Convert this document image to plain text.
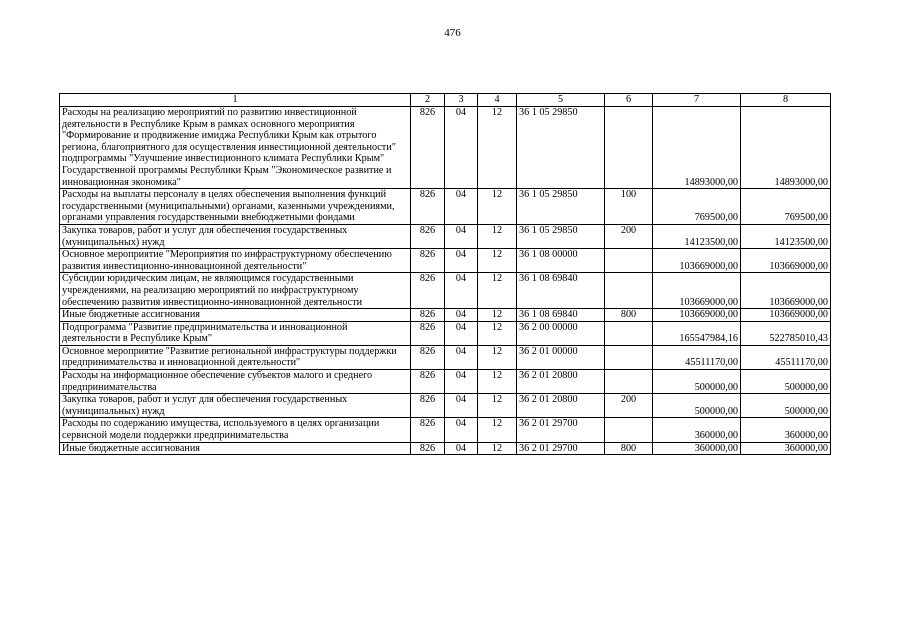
476
1	2	3	4	5	6	7	8
Расходы на реализацию мероприятий по развитию инвестиционной деятельности в Республике Крым в рамках основного мероприятия "Формирование и продвижение имиджа Республики Крым как отрытого региона, благоприятного для осуществления инвестиционной деятельности" подпрограммы "Улучшение инвестиционного климата Республики Крым" Государственной программы Республики Крым "Экономическое развитие и инновационная экономика"	826	04	12	36 1 05 29850		14893000,00	14893000,00
Расходы на выплаты персоналу в целях обеспечения выполнения функций государственными (муниципальными) органами, казенными учреждениями, органами управления государственными внебюджетными фондами	826	04	12	36 1 05 29850	100	769500,00	769500,00
Закупка товаров, работ и услуг для обеспечения государственных (муниципальных) нужд	826	04	12	36 1 05 29850	200	14123500,00	14123500,00
Основное мероприятие "Мероприятия по инфраструктурному обеспечению развития инвестиционно-инновационной деятельности"	826	04	12	36 1 08 00000		103669000,00	103669000,00
Субсидии юридическим лицам, не являющимся государственными учреждениями, на реализацию мероприятий по инфраструктурному обеспечению развития инвестиционно-инновационной деятельности	826	04	12	36 1 08 69840		103669000,00	103669000,00
Иные бюджетные ассигнования	826	04	12	36 1 08 69840	800	103669000,00	103669000,00
Подпрограмма "Развитие предпринимательства и инновационной деятельности в Республике Крым"	826	04	12	36 2 00 00000		165547984,16	522785010,43
Основное мероприятие "Развитие региональной инфраструктуры поддержки предпринимательства и инновационной деятельности"	826	04	12	36 2 01 00000		45511170,00	45511170,00
Расходы на информационное обеспечение субъектов малого и среднего предпринимательства	826	04	12	36 2 01 20800		500000,00	500000,00
Закупка товаров, работ и услуг для обеспечения государственных (муниципальных) нужд	826	04	12	36 2 01 20800	200	500000,00	500000,00
Расходы по содержанию имущества, используемого в целях организации сервисной модели поддержки предпринимательства	826	04	12	36 2 01 29700		360000,00	360000,00
Иные бюджетные ассигнования	826	04	12	36 2 01 29700	800	360000,00	360000,00
